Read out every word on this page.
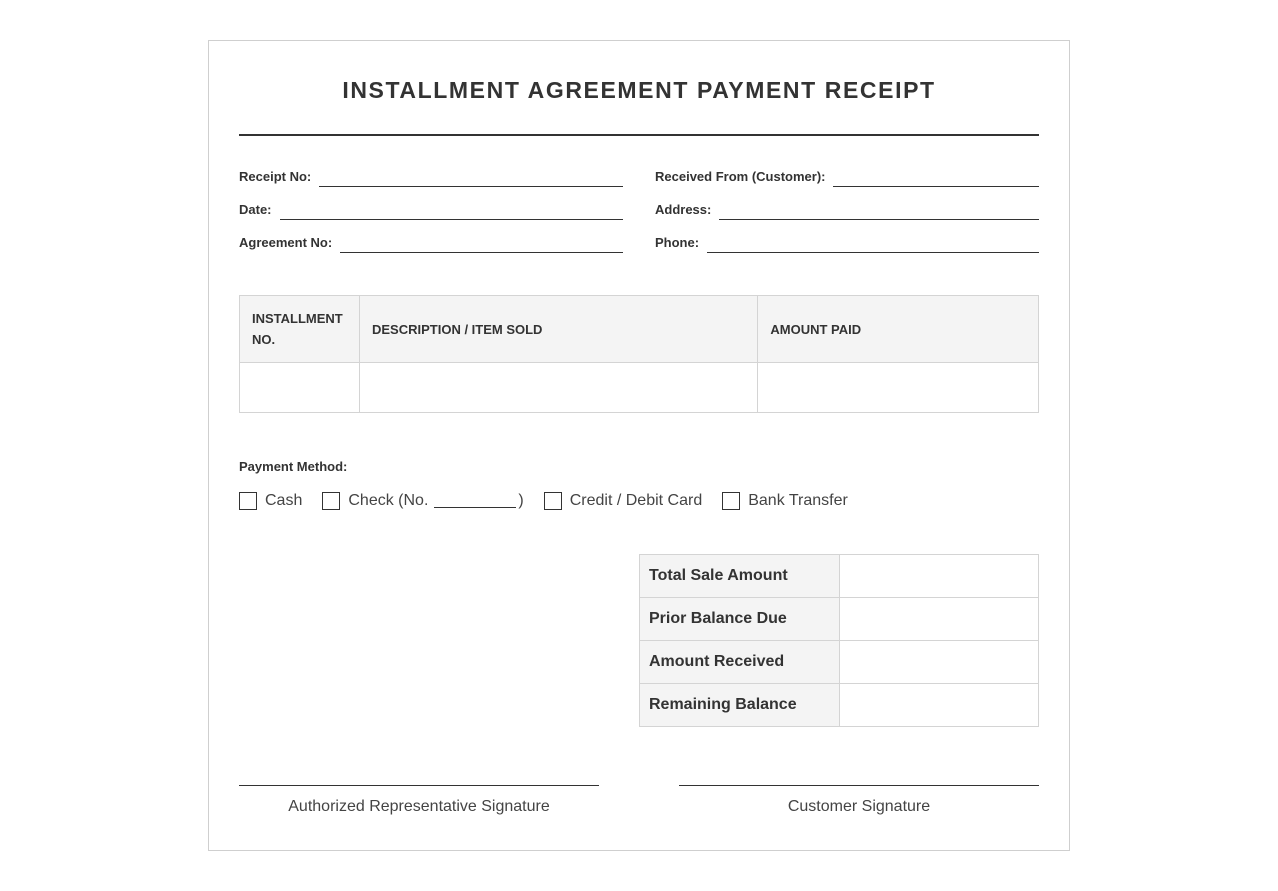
INSTALLMENT AGREEMENT PAYMENT RECEIPT
Receipt No:
Date:
Agreement No:
Received From (Customer):
Address:
Phone:
INSTALLMENT NO.	DESCRIPTION / ITEM SOLD	AMOUNT PAID

Payment Method:
Cash	Check (No.	)	Credit / Debit Card	Bank Transfer
Total Sale Amount	
Prior Balance Due	
Amount Received	
Remaining Balance	
Authorized Representative Signature	Customer Signature
